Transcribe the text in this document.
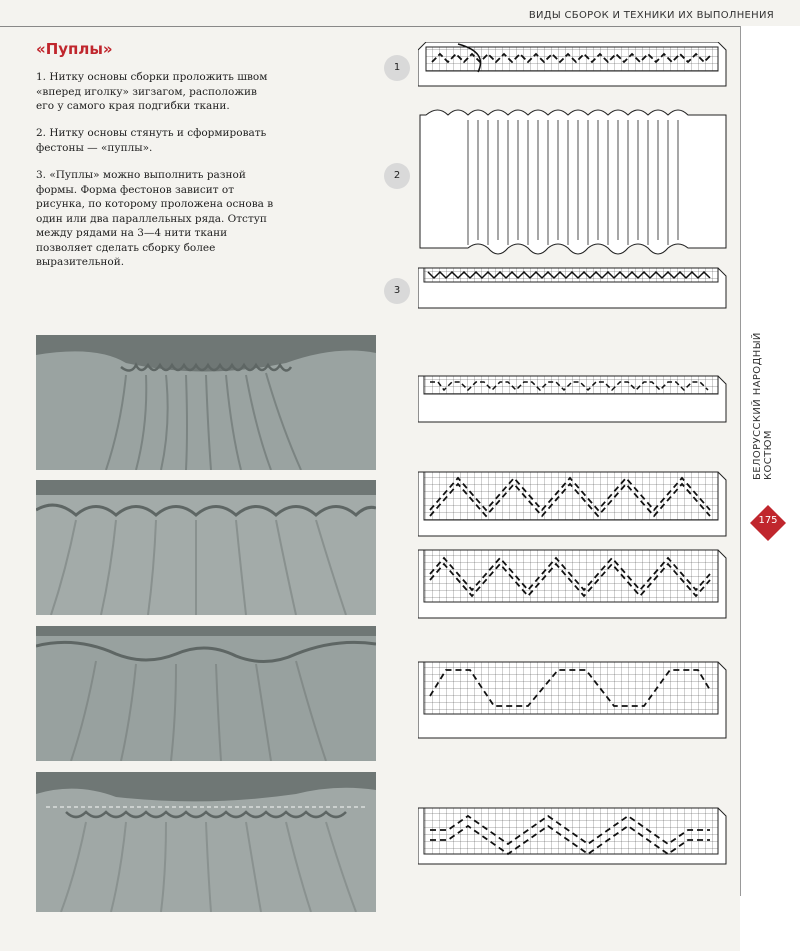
ВИДЫ СБОРОК И ТЕХНИКИ ИХ ВЫПОЛНЕНИЯ
БЕЛОРУССКИЙ НАРОДНЫЙ КОСТЮМ
175
«Пуплы»

1. Нитку основы сборки проложить швом «вперед иголку» зигзагом, расположив его у самого края подгибки ткани.

2. Нитку основы стянуть и сформировать фестоны — «пуплы».

3. «Пуплы» можно выполнить разной формы. Форма фестонов зависит от рисунка, по которому проложена основа в один или два параллельных ряда. Отступ между рядами на 3—4 нити ткани позволяет сделать сборку более выразительной.

1
2
3
